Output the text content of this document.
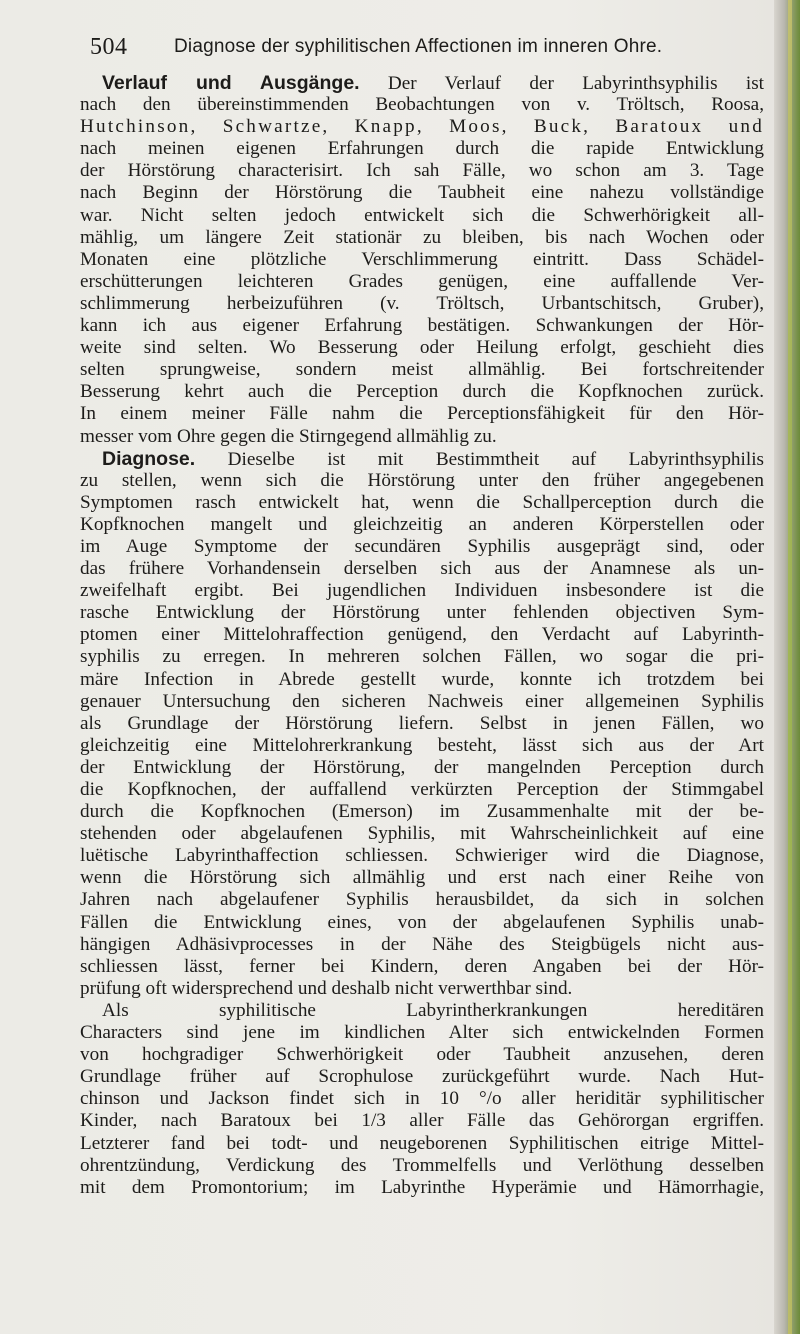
504 Diagnose der syphilitischen Affectionen im inneren Ohre.
Verlauf und Ausgänge. Der Verlauf der Labyrinthsyphilis ist
nach den übereinstimmenden Beobachtungen von v. Tröltsch, Roosa,
Hutchinson, Schwartze, Knapp, Moos, Buck, Baratoux und
nach meinen eigenen Erfahrungen durch die rapide Entwicklung
der Hörstörung characterisirt. Ich sah Fälle, wo schon am 3. Tage
nach Beginn der Hörstörung die Taubheit eine nahezu vollständige
war. Nicht selten jedoch entwickelt sich die Schwerhörigkeit all-
mählig, um längere Zeit stationär zu bleiben, bis nach Wochen oder
Monaten eine plötzliche Verschlimmerung eintritt. Dass Schädel-
erschütterungen leichteren Grades genügen, eine auffallende Ver-
schlimmerung herbeizuführen (v. Tröltsch, Urbantschitsch, Gruber),
kann ich aus eigener Erfahrung bestätigen. Schwankungen der Hör-
weite sind selten. Wo Besserung oder Heilung erfolgt, geschieht dies
selten sprungweise, sondern meist allmählig. Bei fortschreitender
Besserung kehrt auch die Perception durch die Kopfknochen zurück.
In einem meiner Fälle nahm die Perceptionsfähigkeit für den Hör-
messer vom Ohre gegen die Stirngegend allmählig zu.
Diagnose. Dieselbe ist mit Bestimmtheit auf Labyrinthsyphilis
zu stellen, wenn sich die Hörstörung unter den früher angegebenen
Symptomen rasch entwickelt hat, wenn die Schallperception durch die
Kopfknochen mangelt und gleichzeitig an anderen Körperstellen oder
im Auge Symptome der secundären Syphilis ausgeprägt sind, oder
das frühere Vorhandensein derselben sich aus der Anamnese als un-
zweifelhaft ergibt. Bei jugendlichen Individuen insbesondere ist die
rasche Entwicklung der Hörstörung unter fehlenden objectiven Sym-
ptomen einer Mittelohraffection genügend, den Verdacht auf Labyrinth-
syphilis zu erregen. In mehreren solchen Fällen, wo sogar die pri-
märe Infection in Abrede gestellt wurde, konnte ich trotzdem bei
genauer Untersuchung den sicheren Nachweis einer allgemeinen Syphilis
als Grundlage der Hörstörung liefern. Selbst in jenen Fällen, wo
gleichzeitig eine Mittelohrerkrankung besteht, lässt sich aus der Art
der Entwicklung der Hörstörung, der mangelnden Perception durch
die Kopfknochen, der auffallend verkürzten Perception der Stimmgabel
durch die Kopfknochen (Emerson) im Zusammenhalte mit der be-
stehenden oder abgelaufenen Syphilis, mit Wahrscheinlichkeit auf eine
luëtische Labyrinthaffection schliessen. Schwieriger wird die Diagnose,
wenn die Hörstörung sich allmählig und erst nach einer Reihe von
Jahren nach abgelaufener Syphilis herausbildet, da sich in solchen
Fällen die Entwicklung eines, von der abgelaufenen Syphilis unab-
hängigen Adhäsivprocesses in der Nähe des Steigbügels nicht aus-
schliessen lässt, ferner bei Kindern, deren Angaben bei der Hör-
prüfung oft widersprechend und deshalb nicht verwerthbar sind.
Als syphilitische Labyrintherkrankungen hereditären
Characters sind jene im kindlichen Alter sich entwickelnden Formen
von hochgradiger Schwerhörigkeit oder Taubheit anzusehen, deren
Grundlage früher auf Scrophulose zurückgeführt wurde. Nach Hut-
chinson und Jackson findet sich in 10 °/o aller heriditär syphilitischer
Kinder, nach Baratoux bei 1/3 aller Fälle das Gehörorgan ergriffen.
Letzterer fand bei todt- und neugeborenen Syphilitischen eitrige Mittel-
ohrentzündung, Verdickung des Trommelfells und Verlöthung desselben
mit dem Promontorium; im Labyrinthe Hyperämie und Hämorrhagie,
